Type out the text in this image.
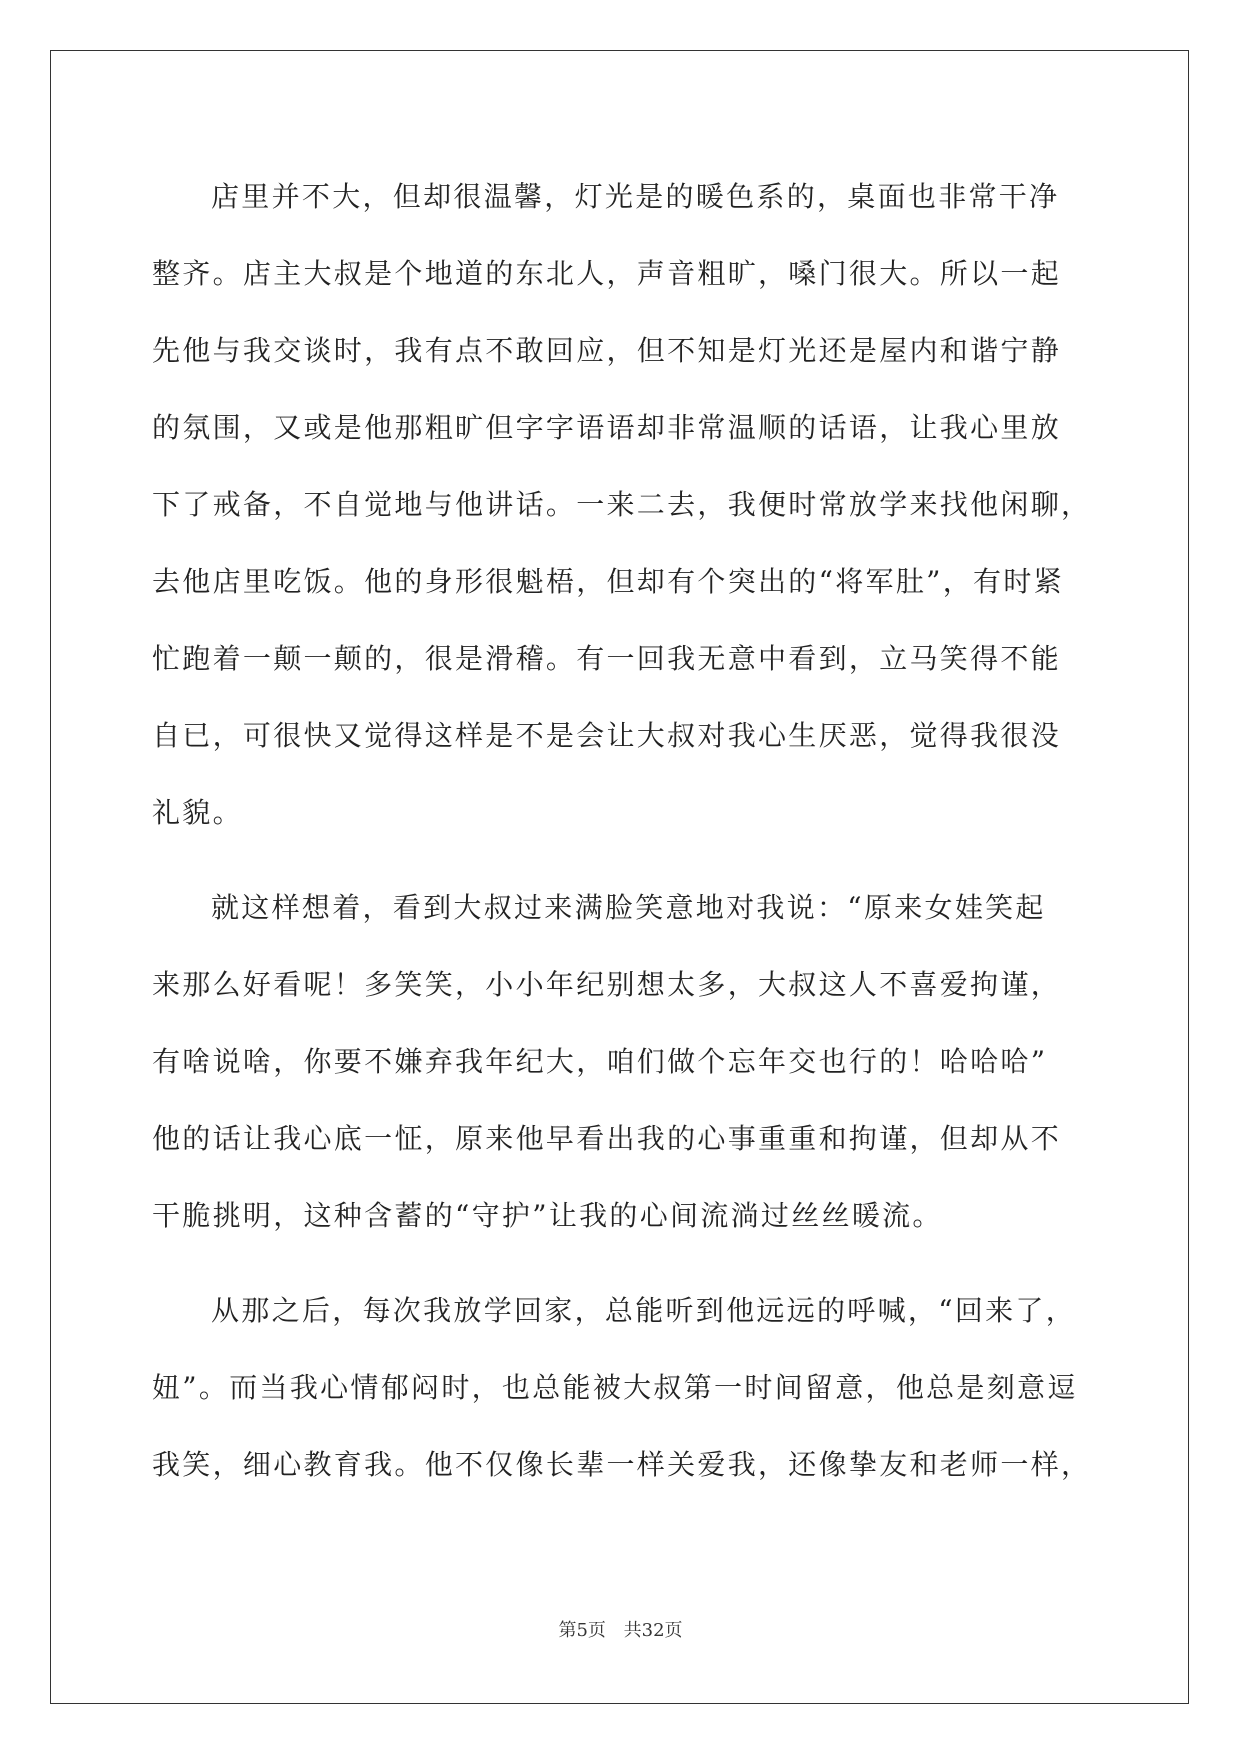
店里并不大，但却很温馨，灯光是的暖色系的，桌面也非常干净
整齐。店主大叔是个地道的东北人，声音粗旷，嗓门很大。所以一起
先他与我交谈时，我有点不敢回应，但不知是灯光还是屋内和谐宁静
的氛围，又或是他那粗旷但字字语语却非常温顺的话语，让我心里放
下了戒备，不自觉地与他讲话。一来二去，我便时常放学来找他闲聊，
去他店里吃饭。他的身形很魁梧，但却有个突出的“将军肚”，有时紧
忙跑着一颠一颠的，很是滑稽。有一回我无意中看到，立马笑得不能
自已，可很快又觉得这样是不是会让大叔对我心生厌恶，觉得我很没
礼貌。
就这样想着，看到大叔过来满脸笑意地对我说：“原来女娃笑起
来那么好看呢！多笑笑，小小年纪别想太多，大叔这人不喜爱拘谨，
有啥说啥，你要不嫌弃我年纪大，咱们做个忘年交也行的！哈哈哈”
他的话让我心底一怔，原来他早看出我的心事重重和拘谨，但却从不
干脆挑明，这种含蓄的“守护”让我的心间流淌过丝丝暖流。
从那之后，每次我放学回家，总能听到他远远的呼喊，“回来了，
妞”。而当我心情郁闷时，也总能被大叔第一时间留意，他总是刻意逗
我笑，细心教育我。他不仅像长辈一样关爱我，还像挚友和老师一样，
第5页 共32页
